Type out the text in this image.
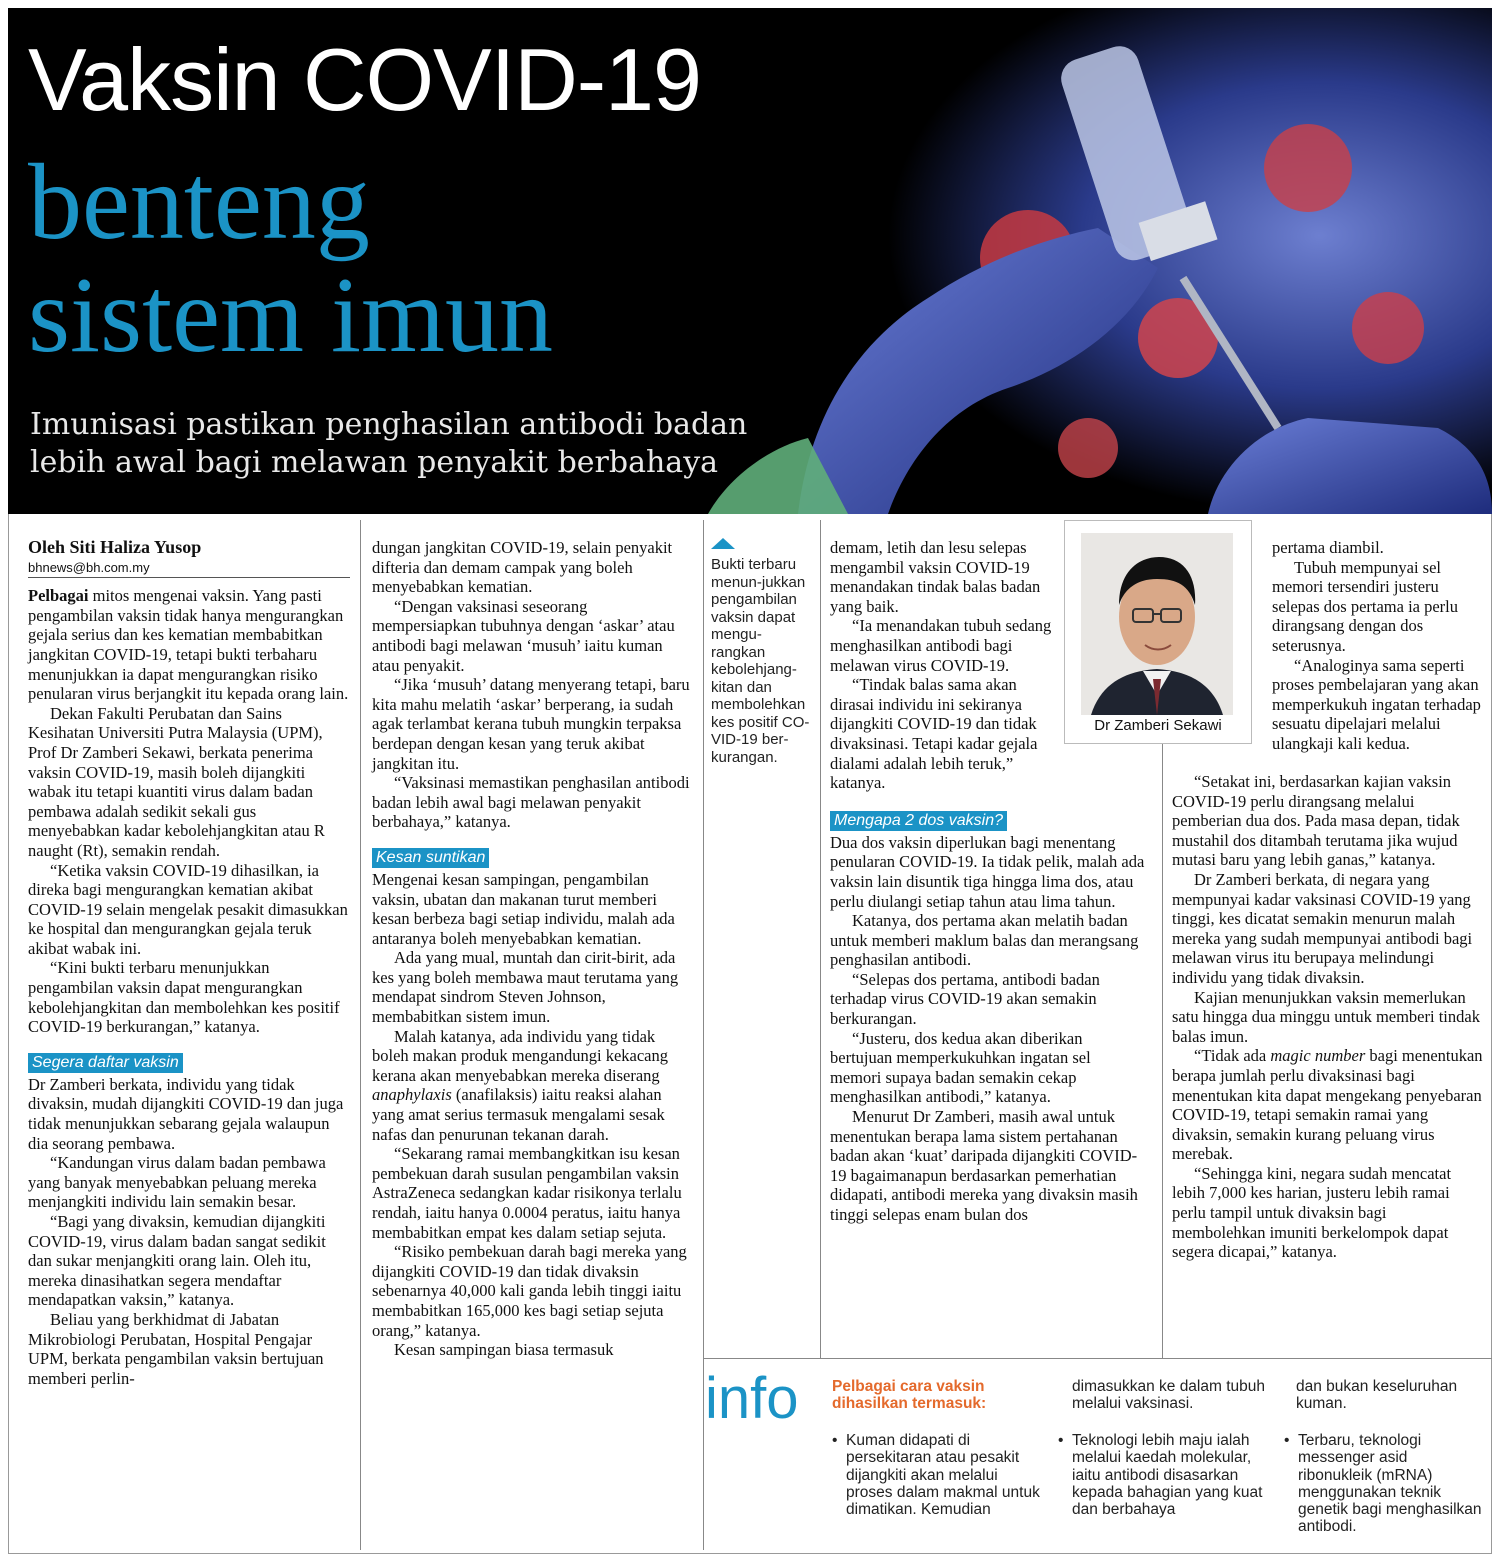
Vaksin COVID-19
benteng
sistem imun

Imunisasi pastikan penghasilan antibodi badan lebih awal bagi melawan penyakit berbahaya

Oleh Siti Haliza Yusop

bhnews@bh.com.my

Pelbagai mitos mengenai vaksin. Yang pasti pengambilan vaksin tidak hanya mengurangkan gejala serius dan kes kematian membabitkan jangkitan COVID-19, tetapi bukti terbaharu menunjukkan ia dapat mengurangkan risiko penularan virus berjangkit itu kepada orang lain.

Dekan Fakulti Perubatan dan Sains Kesihatan Universiti Putra Malaysia (UPM), Prof Dr Zamberi Sekawi, berkata penerima vaksin COVID-19, masih boleh dijangkiti wabak itu tetapi kuantiti virus dalam badan pembawa adalah sedikit sekali gus menyebabkan kadar kebolehjangkitan atau R naught (Rt), semakin rendah.

“Ketika vaksin COVID-19 dihasilkan, ia direka bagi mengurangkan kematian akibat COVID-19 selain mengelak pesakit dimasukkan ke hospital dan mengurangkan gejala teruk akibat wabak ini.

“Kini bukti terbaru menunjukkan pengambilan vaksin dapat mengurangkan kebolehjangkitan dan membolehkan kes positif COVID-19 berkurangan,” katanya.

Segera daftar vaksin

Dr Zamberi berkata, individu yang tidak divaksin, mudah dijangkiti COVID-19 dan juga tidak menunjukkan sebarang gejala walaupun dia seorang pembawa.

“Kandungan virus dalam badan pembawa yang banyak menyebabkan peluang mereka menjangkiti individu lain semakin besar.

“Bagi yang divaksin, kemudian dijangkiti COVID-19, virus dalam badan sangat sedikit dan sukar menjangkiti orang lain. Oleh itu, mereka dinasihatkan segera mendaftar mendapatkan vaksin,” katanya.

Beliau yang berkhidmat di Jabatan Mikrobiologi Perubatan, Hospital Pengajar UPM, berkata pengambilan vaksin bertujuan memberi perlin-

dungan jangkitan COVID-19, selain penyakit difteria dan demam campak yang boleh menyebabkan kematian.

“Dengan vaksinasi seseorang mempersiapkan tubuhnya dengan ‘askar’ atau antibodi bagi melawan ‘musuh’ iaitu kuman atau penyakit.

“Jika ‘musuh’ datang menyerang tetapi, baru kita mahu melatih ‘askar’ berperang, ia sudah agak terlambat kerana tubuh mungkin terpaksa berdepan dengan kesan yang teruk akibat jangkitan itu.

“Vaksinasi memastikan penghasilan antibodi badan lebih awal bagi melawan penyakit berbahaya,” katanya.

Kesan suntikan

Mengenai kesan sampingan, pengambilan vaksin, ubatan dan makanan turut memberi kesan berbeza bagi setiap individu, malah ada antaranya boleh menyebabkan kematian.

Ada yang mual, muntah dan cirit-birit, ada kes yang boleh membawa maut terutama yang mendapat sindrom Steven Johnson, membabitkan sistem imun.

Malah katanya, ada individu yang tidak boleh makan produk mengandungi kekacang kerana akan menyebabkan mereka diserang anaphylaxis (anafilaksis) iaitu reaksi alahan yang amat serius termasuk mengalami sesak nafas dan penurunan tekanan darah.

“Sekarang ramai membangkitkan isu kesan pembekuan darah susulan pengambilan vaksin AstraZeneca sedangkan kadar risikonya terlalu rendah, iaitu hanya 0.0004 peratus, iaitu hanya membabitkan empat kes dalam setiap sejuta.

“Risiko pembekuan darah bagi mereka yang dijangkiti COVID-19 dan tidak divaksin sebenarnya 40,000 kali ganda lebih tinggi iaitu membabitkan 165,000 kes bagi setiap sejuta orang,” katanya.

Kesan sampingan biasa termasuk

Bukti terbaru menun-jukkan pengambilan vaksin dapat mengu-rangkan kebolehjang-kitan dan membolehkan kes positif CO-VID-19 ber-kurangan.

demam, letih dan lesu selepas mengambil vaksin COVID-19 menandakan tindak balas badan yang baik.

“Ia menandakan tubuh sedang menghasilkan antibodi bagi melawan virus COVID-19.

“Tindak balas sama akan dirasai individu ini sekiranya dijangkiti COVID-19 dan tidak divaksinasi. Tetapi kadar gejala dialami adalah lebih teruk,” katanya.

Mengapa 2 dos vaksin?

Dua dos vaksin diperlukan bagi menentang penularan COVID-19. Ia tidak pelik, malah ada vaksin lain disuntik tiga hingga lima dos, atau perlu diulangi setiap tahun atau lima tahun.

Katanya, dos pertama akan melatih badan untuk memberi maklum balas dan merangsang penghasilan antibodi.

“Selepas dos pertama, antibodi badan terhadap virus COVID-19 akan semakin berkurangan.

“Justeru, dos kedua akan diberikan bertujuan memperkukuhkan ingatan sel memori supaya badan semakin cekap menghasilkan antibodi,” katanya.

Menurut Dr Zamberi, masih awal untuk menentukan berapa lama sistem pertahanan badan akan ‘kuat’ daripada dijangkiti COVID-19 bagaimanapun berdasarkan pemerhatian didapati, antibodi mereka yang divaksin masih tinggi selepas enam bulan dos

Dr Zamberi Sekawi

pertama diambil.

Tubuh mempunyai sel memori tersendiri justeru selepas dos pertama ia perlu dirangsang dengan dos seterusnya.

“Analoginya sama seperti proses pembelajaran yang akan memperkukuh ingatan terhadap sesuatu dipelajari melalui ulangkaji kali kedua.

“Setakat ini, berdasarkan kajian vaksin COVID-19 perlu dirangsang melalui pemberian dua dos. Pada masa depan, tidak mustahil dos ditambah terutama jika wujud mutasi baru yang lebih ganas,” katanya.

Dr Zamberi berkata, di negara yang mempunyai kadar vaksinasi COVID-19 yang tinggi, kes dicatat semakin menurun malah mereka yang sudah mempunyai antibodi bagi melawan virus itu berupaya melindungi individu yang tidak divaksin.

Kajian menunjukkan vaksin memerlukan satu hingga dua minggu untuk memberi tindak balas imun.

“Tidak ada magic number bagi menentukan berapa jumlah perlu divaksinasi bagi menentukan kita dapat mengekang penyebaran COVID-19, tetapi semakin ramai yang divaksin, semakin kurang peluang virus merebak.

“Sehingga kini, negara sudah mencatat lebih 7,000 kes harian, justeru lebih ramai perlu tampil untuk divaksin bagi membolehkan imuniti berkelompok dapat segera dicapai,” katanya.

info Pelbagai cara vaksin dihasilkan termasuk:

dimasukkan ke dalam tubuh melalui vaksinasi.

dan bukan keseluruhan kuman.

• Kuman didapati di persekitaran atau pesakit dijangkiti akan melalui proses dalam makmal untuk dimatikan. Kemudian
• Teknologi lebih maju ialah melalui kaedah molekular, iaitu antibodi disasarkan kepada bahagian yang kuat dan berbahaya
• Terbaru, teknologi messenger asid ribonukleik (mRNA) menggunakan teknik genetik bagi menghasilkan antibodi.
